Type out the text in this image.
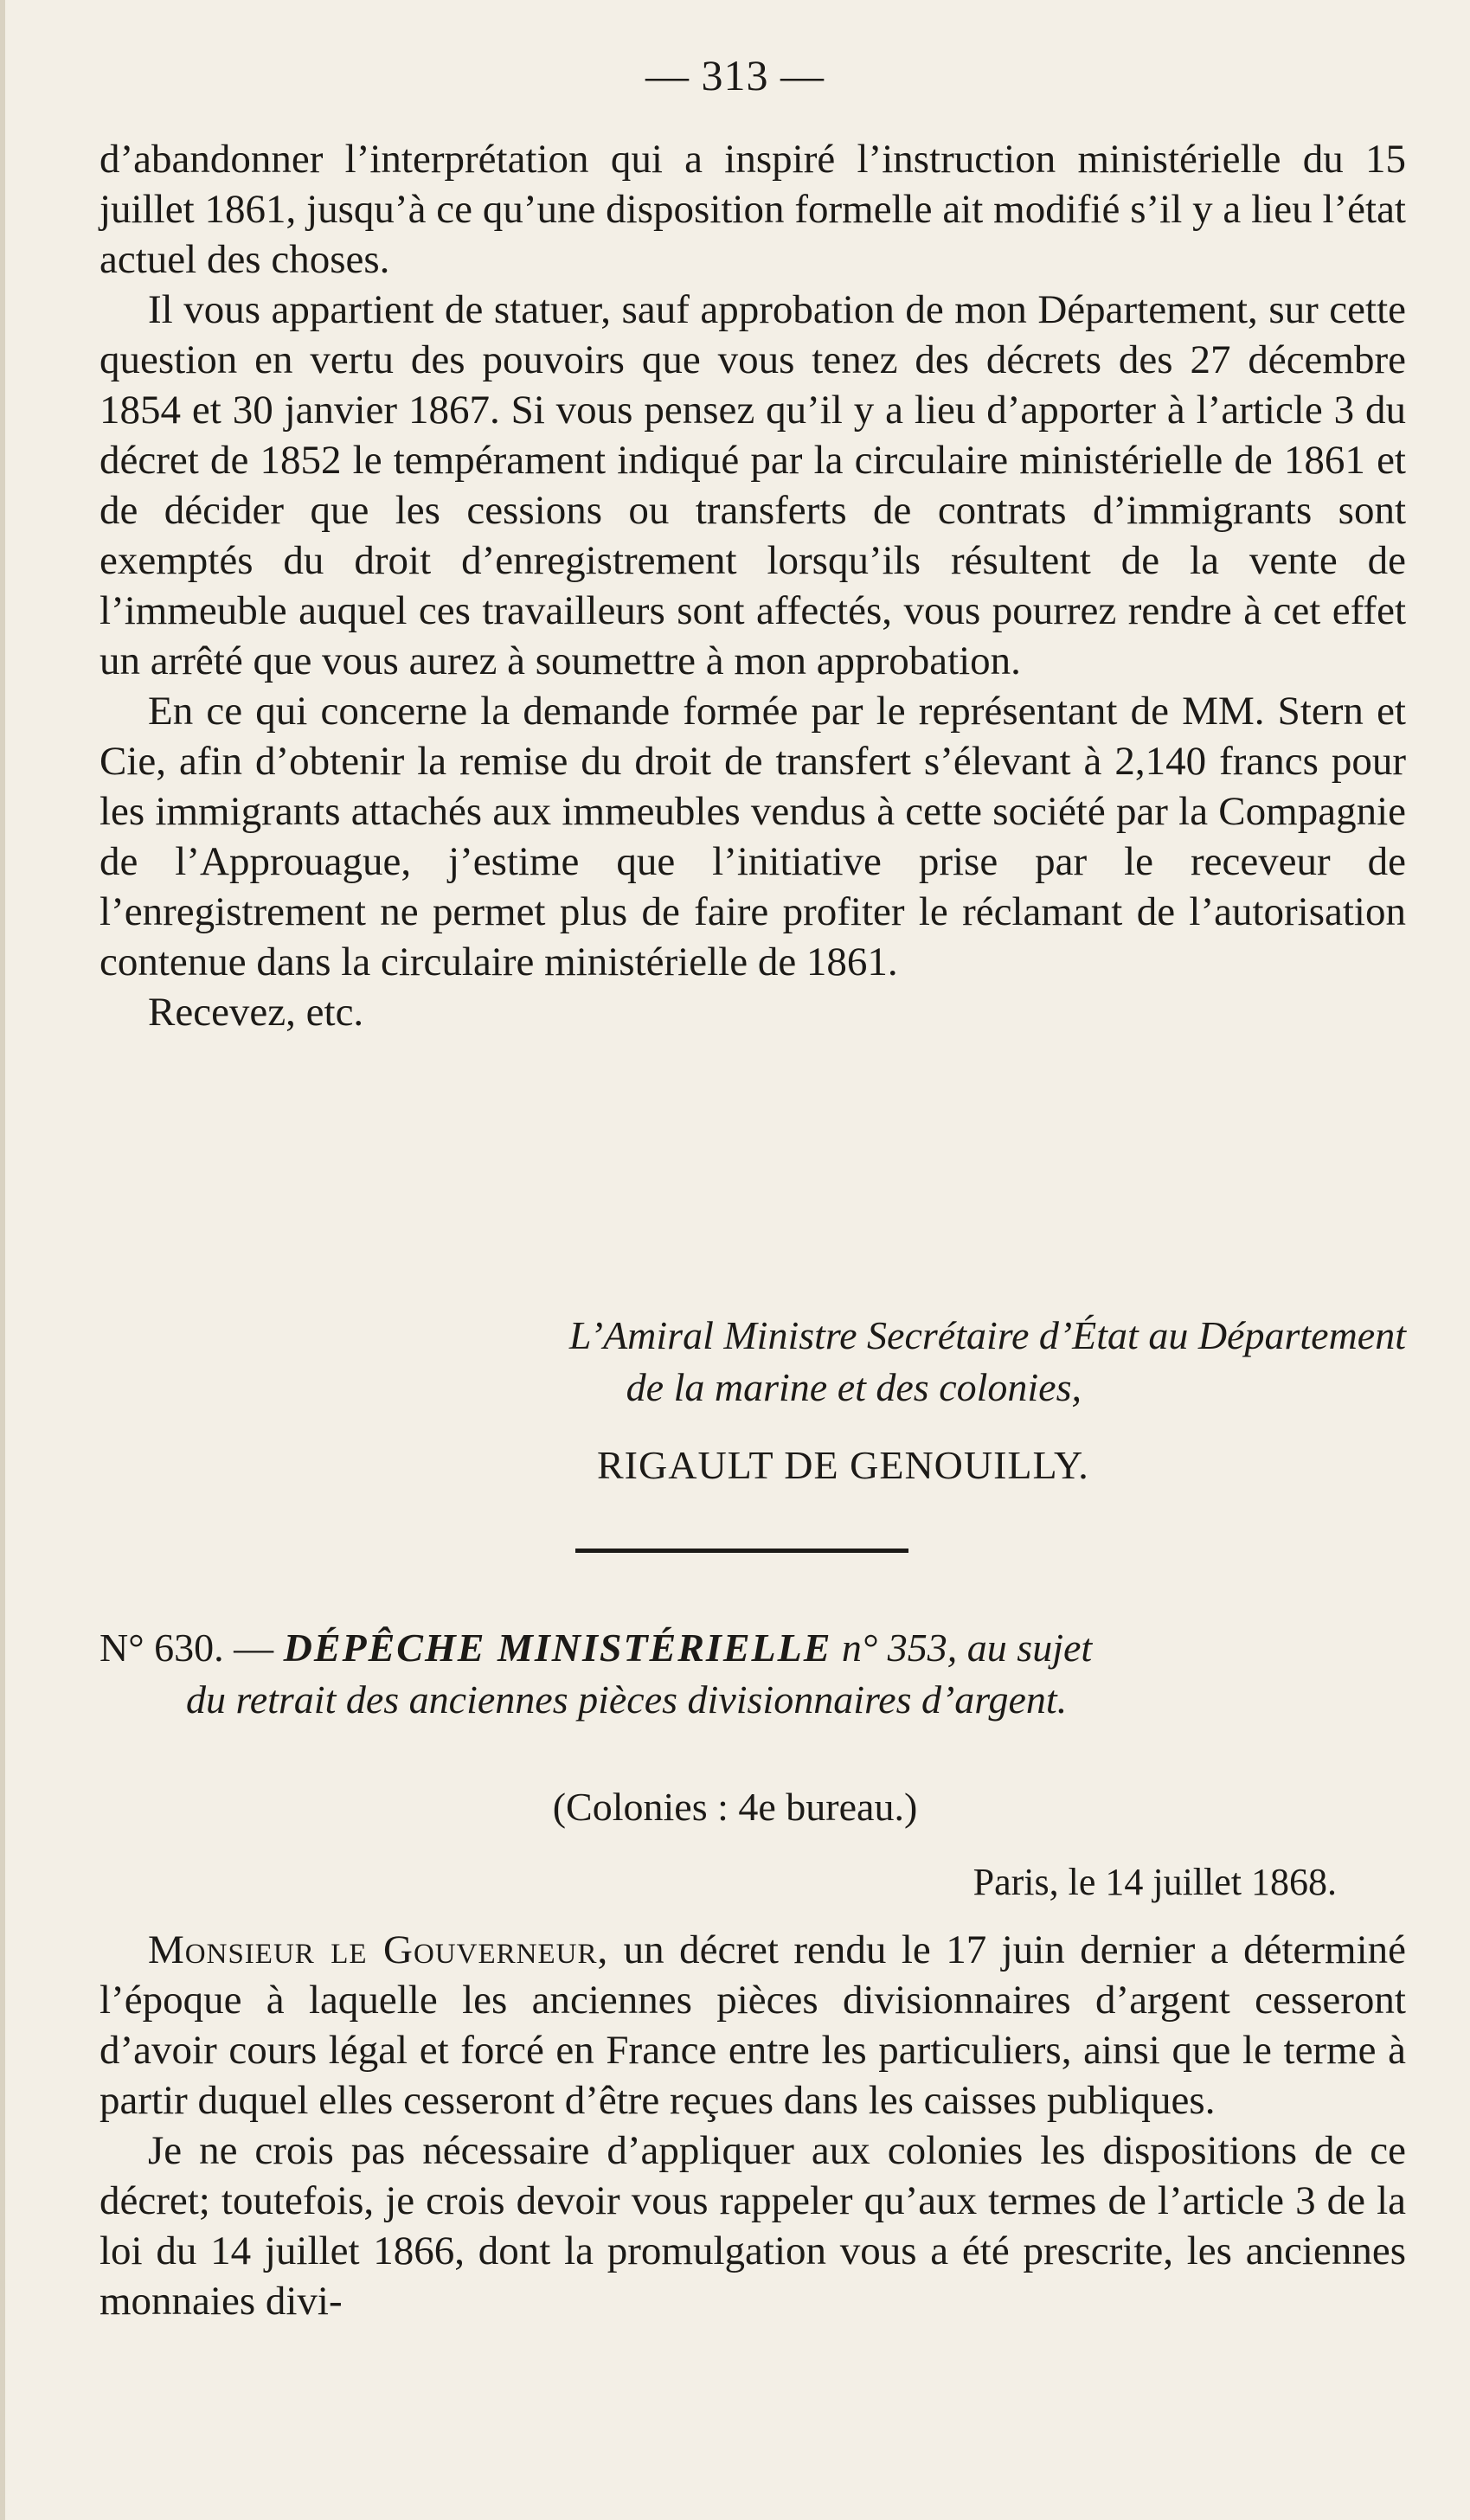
— 313 —

d’abandonner l’interprétation qui a inspiré l’instruction ministérielle du 15 juillet 1861, jusqu’à ce qu’une disposition formelle ait modifié s’il y a lieu l’état actuel des choses.

Il vous appartient de statuer, sauf approbation de mon Département, sur cette question en vertu des pouvoirs que vous tenez des décrets des 27 décembre 1854 et 30 janvier 1867. Si vous pensez qu’il y a lieu d’apporter à l’article 3 du décret de 1852 le tempérament indiqué par la circulaire ministérielle de 1861 et de décider que les cessions ou transferts de contrats d’immigrants sont exemptés du droit d’enregistrement lorsqu’ils résultent de la vente de l’immeuble auquel ces travailleurs sont affectés, vous pourrez rendre à cet effet un arrêté que vous aurez à soumettre à mon approbation.

En ce qui concerne la demande formée par le représentant de MM. Stern et Cie, afin d’obtenir la remise du droit de transfert s’élevant à 2,140 francs pour les immigrants attachés aux immeubles vendus à cette société par la Compagnie de l’Approuague, j’estime que l’initiative prise par le receveur de l’enregistrement ne permet plus de faire profiter le réclamant de l’autorisation contenue dans la circulaire ministérielle de 1861.

Recevez, etc.

L’Amiral Ministre Secrétaire d’État au Département
de la marine et des colonies,
RIGAULT DE GENOUILLY.
N° 630. — DÉPÊCHE MINISTÉRIELLE n° 353, au sujet
du retrait des anciennes pièces divisionnaires d’argent.
(Colonies : 4e bureau.)
Paris, le 14 juillet 1868.

Monsieur le Gouverneur, un décret rendu le 17 juin dernier a déterminé l’époque à laquelle les anciennes pièces divisionnaires d’argent cesseront d’avoir cours légal et forcé en France entre les particuliers, ainsi que le terme à partir duquel elles cesseront d’être reçues dans les caisses publiques.

Je ne crois pas nécessaire d’appliquer aux colonies les dispositions de ce décret; toutefois, je crois devoir vous rappeler qu’aux termes de l’article 3 de la loi du 14 juillet 1866, dont la promulgation vous a été prescrite, les anciennes monnaies divi-
